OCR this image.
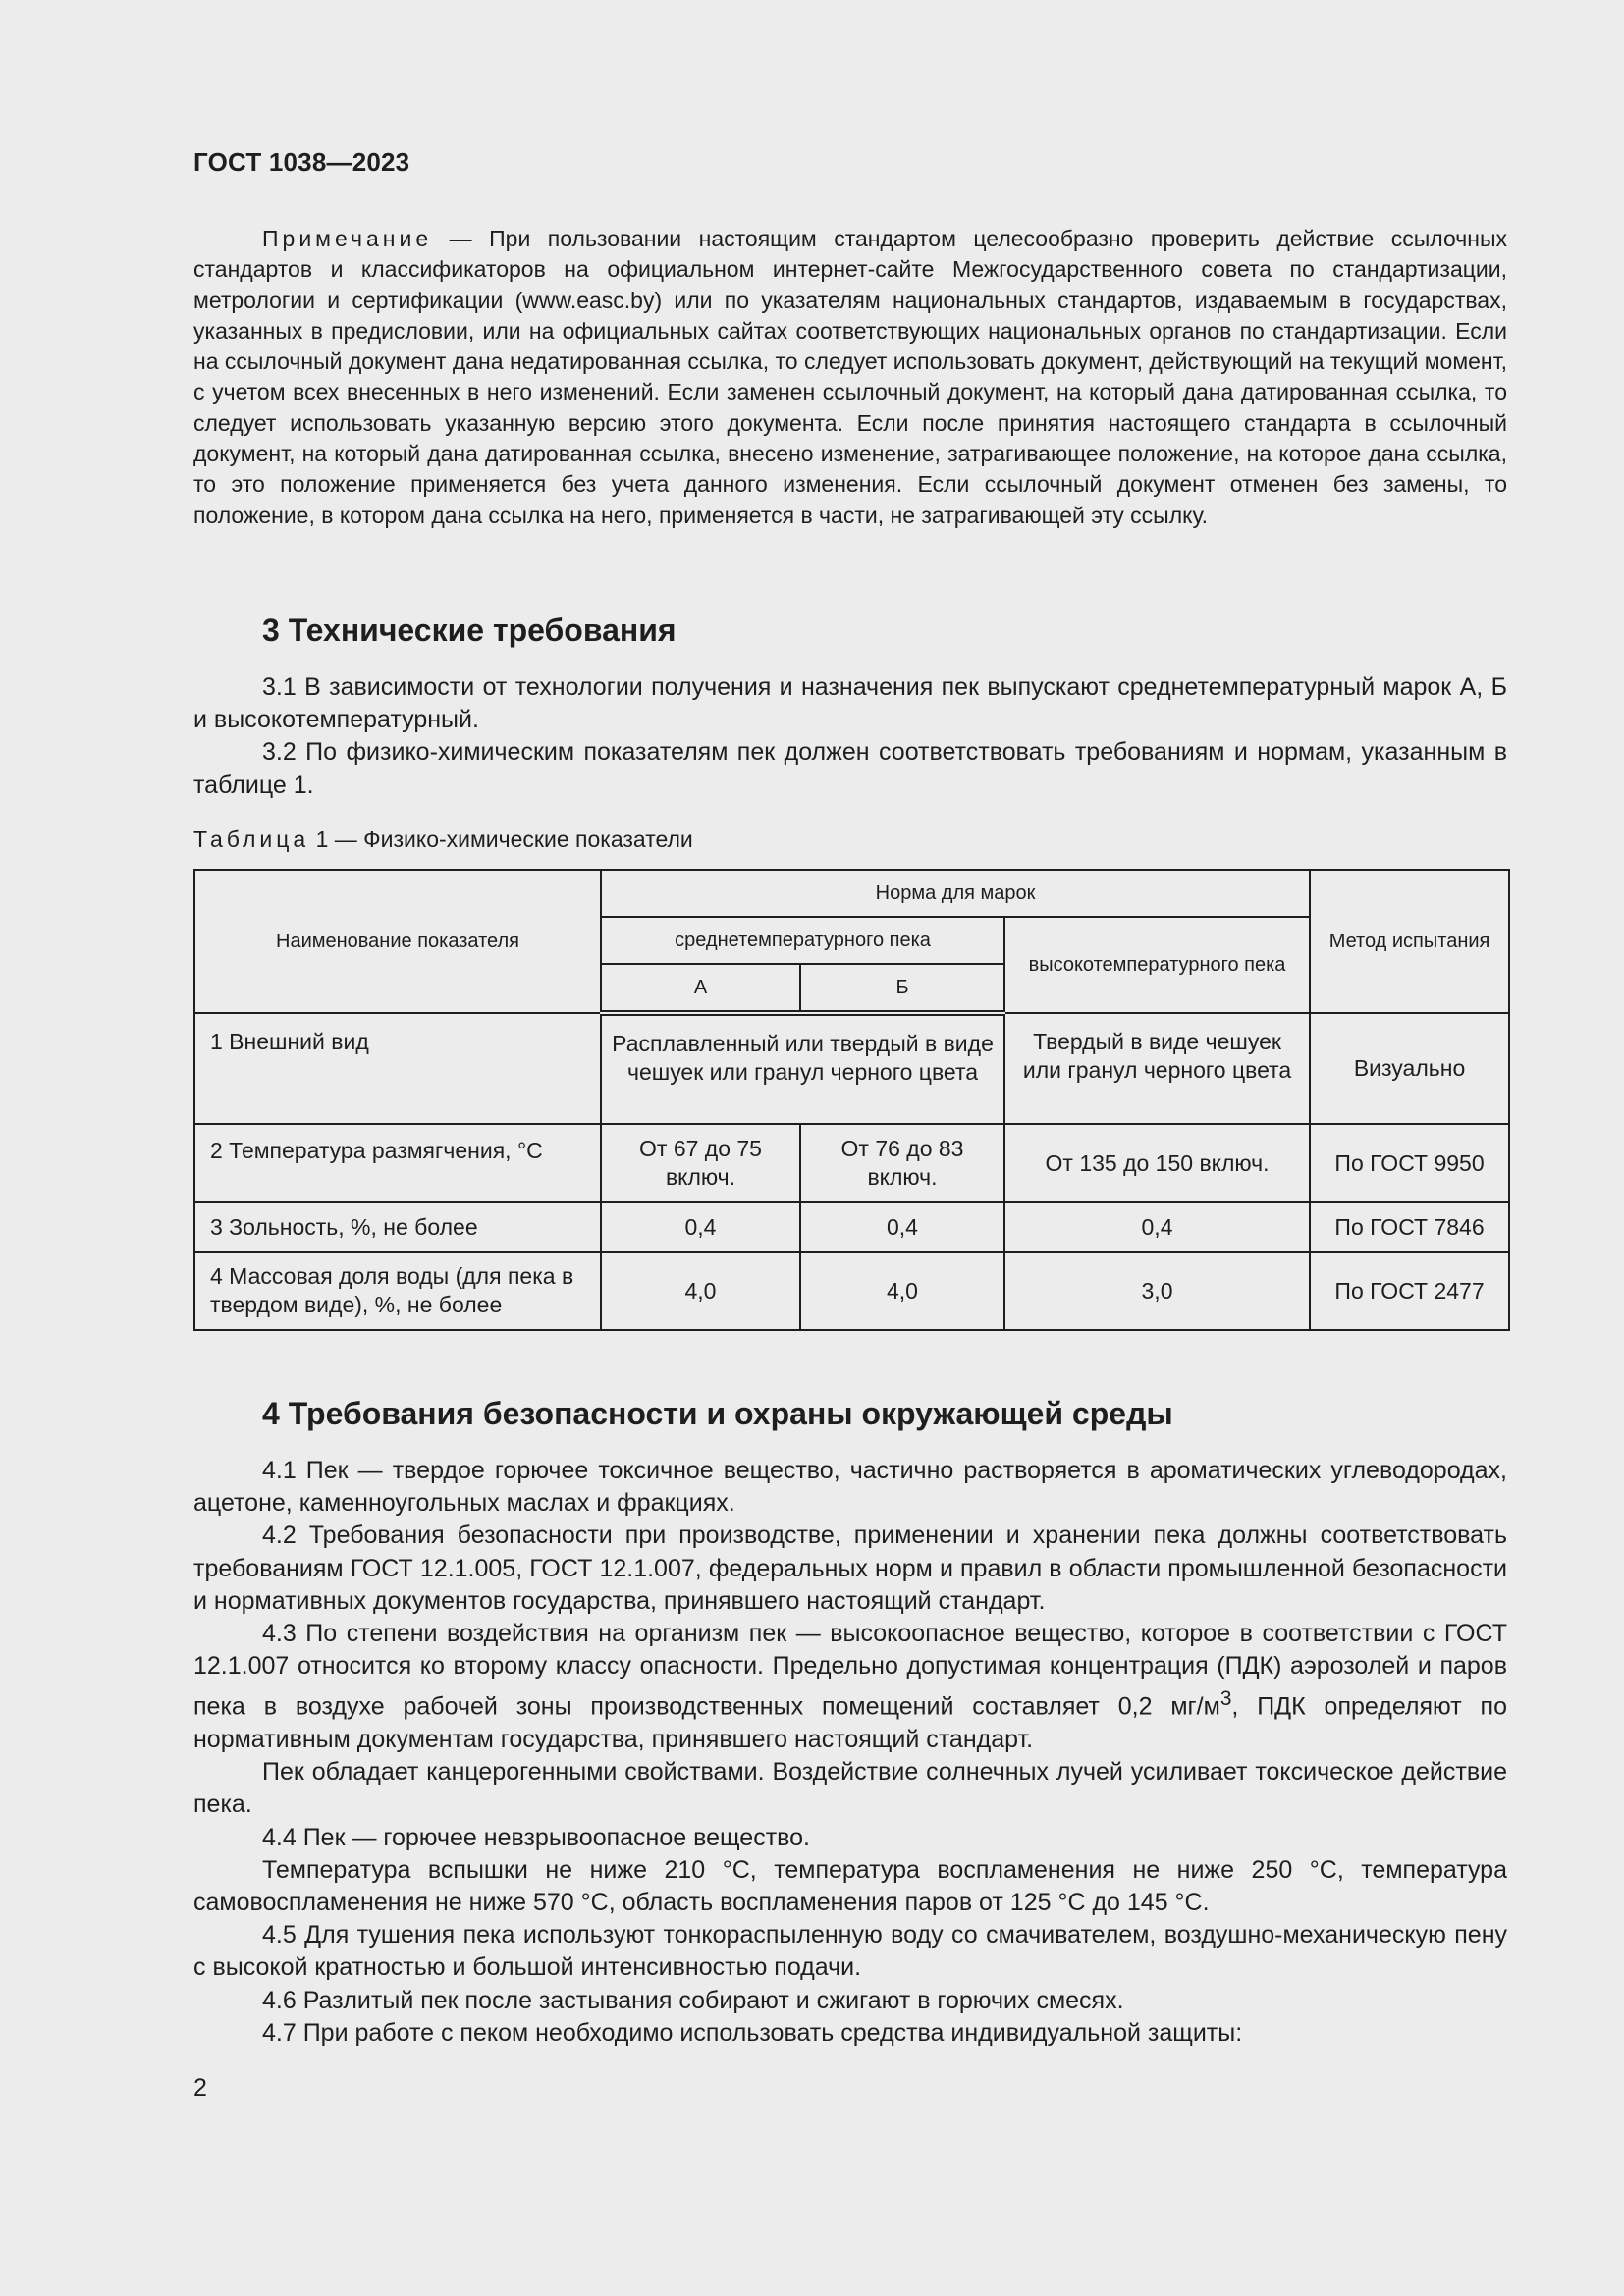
ГОСТ 1038—2023

Примечание — При пользовании настоящим стандартом целесообразно проверить действие ссылочных стандартов и классификаторов на официальном интернет-сайте Межгосударственного совета по стандартизации, метрологии и сертификации (www.easc.by) или по указателям национальных стандартов, издаваемым в государствах, указанных в предисловии, или на официальных сайтах соответствующих национальных органов по стандартизации. Если на ссылочный документ дана недатированная ссылка, то следует использовать документ, действующий на текущий момент, с учетом всех внесенных в него изменений. Если заменен ссылочный документ, на который дана датированная ссылка, то следует использовать указанную версию этого документа. Если после принятия настоящего стандарта в ссылочный документ, на который дана датированная ссылка, внесено изменение, затрагивающее положение, на которое дана ссылка, то это положение применяется без учета данного изменения. Если ссылочный документ отменен без замены, то положение, в котором дана ссылка на него, применяется в части, не затрагивающей эту ссылку.

3 Технические требования

3.1 В зависимости от технологии получения и назначения пек выпускают среднетемпературный марок А, Б и высокотемпературный.

3.2 По физико-химическим показателям пек должен соответствовать требованиям и нормам, указанным в таблице 1.

Таблица 1 — Физико-химические показатели
Наименование показателя	Норма для марок			Метод испытания
	среднетемпературного пека		высокотемпературного пека	
	А	Б		
1 Внешний вид	Расплавленный или твердый в виде чешуек или гранул черного цвета		Твердый в виде чешуек или гранул черного цвета	Визуально
2 Температура размягчения, °С	От 67 до 75 включ.	От 76 до 83 включ.	От 135 до 150 включ.	По ГОСТ 9950
3 Зольность, %, не более	0,4	0,4	0,4	По ГОСТ 7846
4 Массовая доля воды (для пека в твердом виде), %, не более	4,0	4,0	3,0	По ГОСТ 2477
4 Требования безопасности и охраны окружающей среды

4.1 Пек — твердое горючее токсичное вещество, частично растворяется в ароматических углеводородах, ацетоне, каменноугольных маслах и фракциях.

4.2 Требования безопасности при производстве, применении и хранении пека должны соответствовать требованиям ГОСТ 12.1.005, ГОСТ 12.1.007, федеральных норм и правил в области промышленной безопасности и нормативных документов государства, принявшего настоящий стандарт.

4.3 По степени воздействия на организм пек — высокоопасное вещество, которое в соответствии с ГОСТ 12.1.007 относится ко второму классу опасности. Предельно допустимая концентрация (ПДК) аэрозолей и паров пека в воздухе рабочей зоны производственных помещений составляет 0,2 $мг/м^3$, ПДК определяют по нормативным документам государства, принявшего настоящий стандарт.

Пек обладает канцерогенными свойствами. Воздействие солнечных лучей усиливает токсическое действие пека.

4.4 Пек — горючее невзрывоопасное вещество.

Температура вспышки не ниже 210 °С, температура воспламенения не ниже 250 °С, температура самовоспламенения не ниже 570 °С, область воспламенения паров от 125 °С до 145 °С.

4.5 Для тушения пека используют тонкораспыленную воду со смачивателем, воздушно-механическую пену с высокой кратностью и большой интенсивностью подачи.

4.6 Разлитый пек после застывания собирают и сжигают в горючих смесях.

4.7 При работе с пеком необходимо использовать средства индивидуальной защиты:

2
